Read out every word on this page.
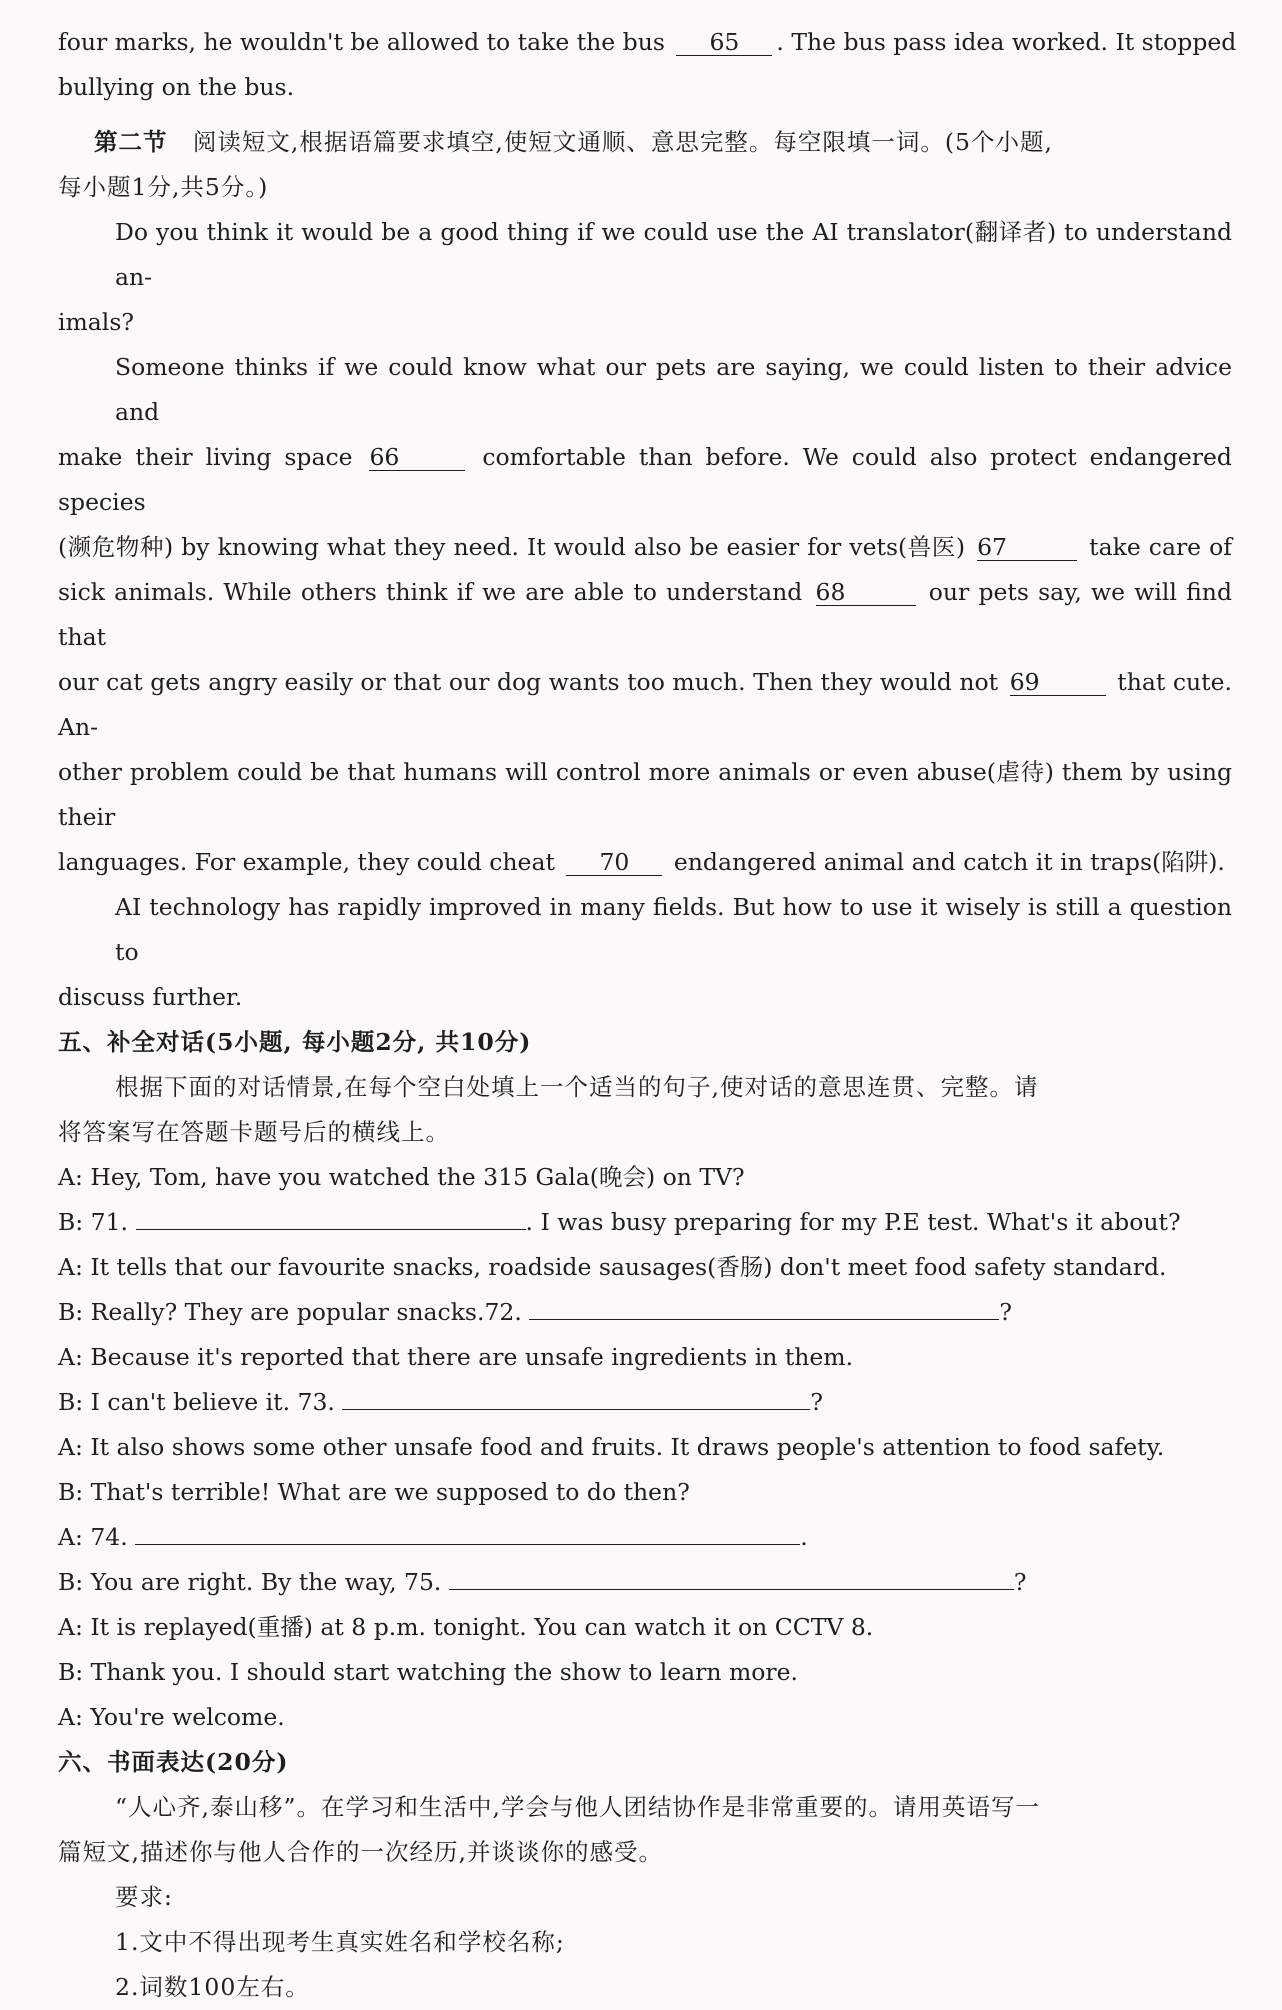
four marks, he wouldn't be allowed to take the bus 65 . The bus pass idea worked. It stopped
bullying on the bus.
第二节 阅读短文,根据语篇要求填空,使短文通顺、意思完整。每空限填一词。(5个小题,
每小题1分,共5分。)
Do you think it would be a good thing if we could use the AI translator(翻译者) to understand an-
imals?
Someone thinks if we could know what our pets are saying, we could listen to their advice and
make their living space 66	comfortable than before. We could also protect endangered species
(濒危物种) by knowing what they need. It would also be easier for vets(兽医) 67	take care of
sick animals. While others think if we are able to understand 68	our pets say, we will find that
our cat gets angry easily or that our dog wants too much. Then they would not 69	that cute. An-
other problem could be that humans will control more animals or even abuse(虐待) them by using their
languages. For example, they could cheat 70 endangered animal and catch it in traps(陷阱).
AI technology has rapidly improved in many fields. But how to use it wisely is still a question to
discuss further.
五、补全对话(5小题, 每小题2分, 共10分)
根据下面的对话情景,在每个空白处填上一个适当的句子,使对话的意思连贯、完整。请
将答案写在答题卡题号后的横线上。
A: Hey, Tom, have you watched the 315 Gala(晚会) on TV?
B: 71.	. I was busy preparing for my P.E test. What's it about?
A: It tells that our favourite snacks, roadside sausages(香肠) don't meet food safety standard.
B: Really? They are popular snacks.72.	?
A: Because it's reported that there are unsafe ingredients in them.
B: I can't believe it. 73.	?
A: It also shows some other unsafe food and fruits. It draws people's attention to food safety.
B: That's terrible! What are we supposed to do then?
A: 74.	.
B: You are right. By the way, 75.	?
A: It is replayed(重播) at 8 p.m. tonight. You can watch it on CCTV 8.
B: Thank you. I should start watching the show to learn more.
A: You're welcome.
六、书面表达(20分)
“人心齐,泰山移”。在学习和生活中,学会与他人团结协作是非常重要的。请用英语写一
篇短文,描述你与他人合作的一次经历,并谈谈你的感受。
要求:
1.文中不得出现考生真实姓名和学校名称;
2.词数100左右。
